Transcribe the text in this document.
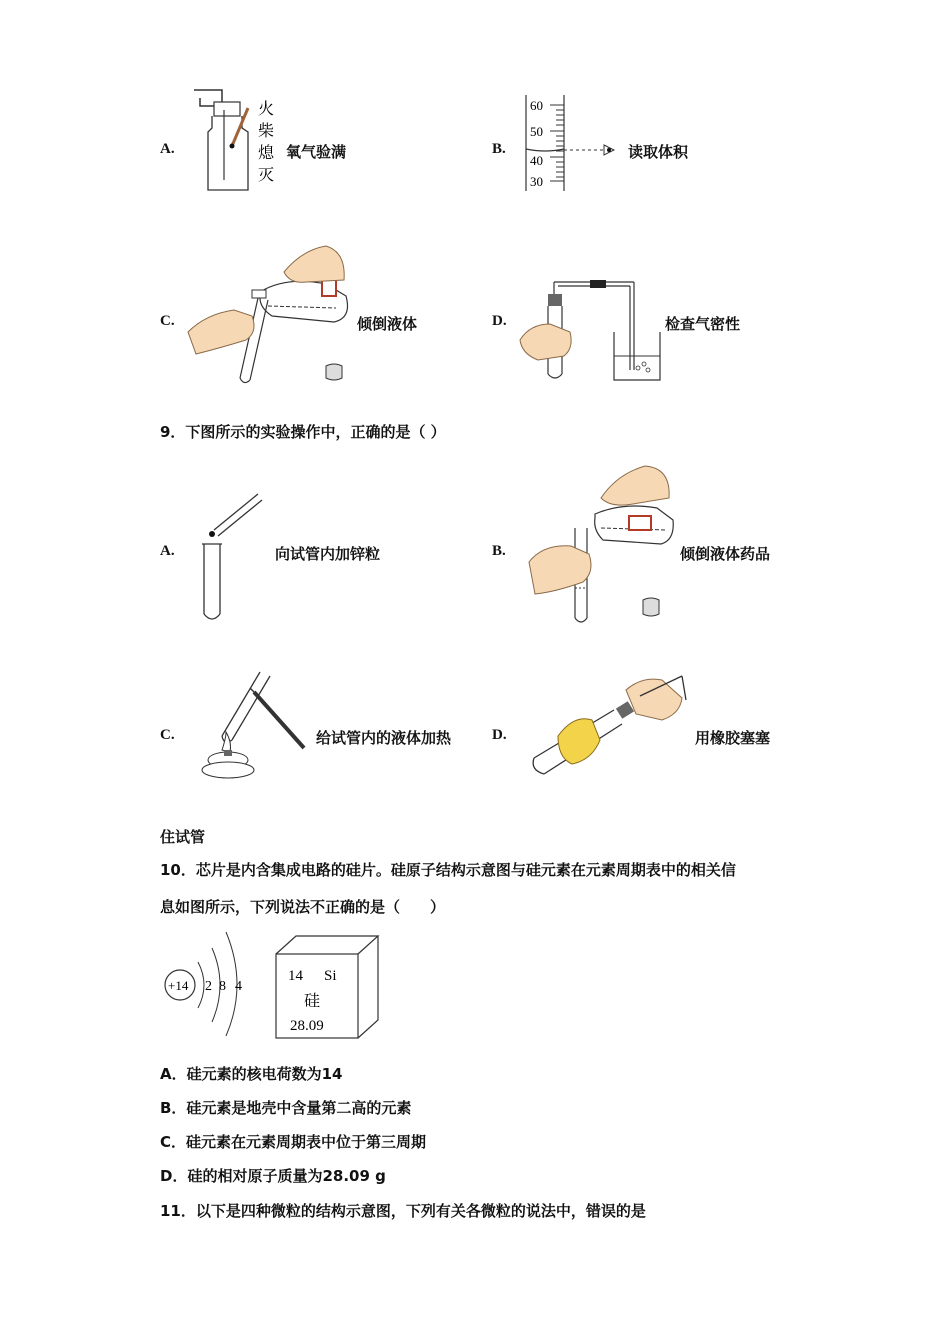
A.
火
柴
熄
灭
氧气验满	B.
60
50
40
30
读取体积
C.	倾倒液体	D.	检查气密性
9．下图所示的实验操作中，正确的是（ ）
A.	向试管内加锌粒	B.	倾倒液体药品
C.	给试管内的液体加热	D.	用橡胶塞塞
住试管
10．芯片是内含集成电路的硅片。硅原子结构示意图与硅元素在元素周期表中的相关信
息如图所示，下列说法不正确的是（　　）
+14 2 8 4
14 Si
硅
28.09
A．硅元素的核电荷数为14
B．硅元素是地壳中含量第二高的元素
C．硅元素在元素周期表中位于第三周期
D．硅的相对原子质量为28.09 g
11．以下是四种微粒的结构示意图，下列有关各微粒的说法中，错误的是
